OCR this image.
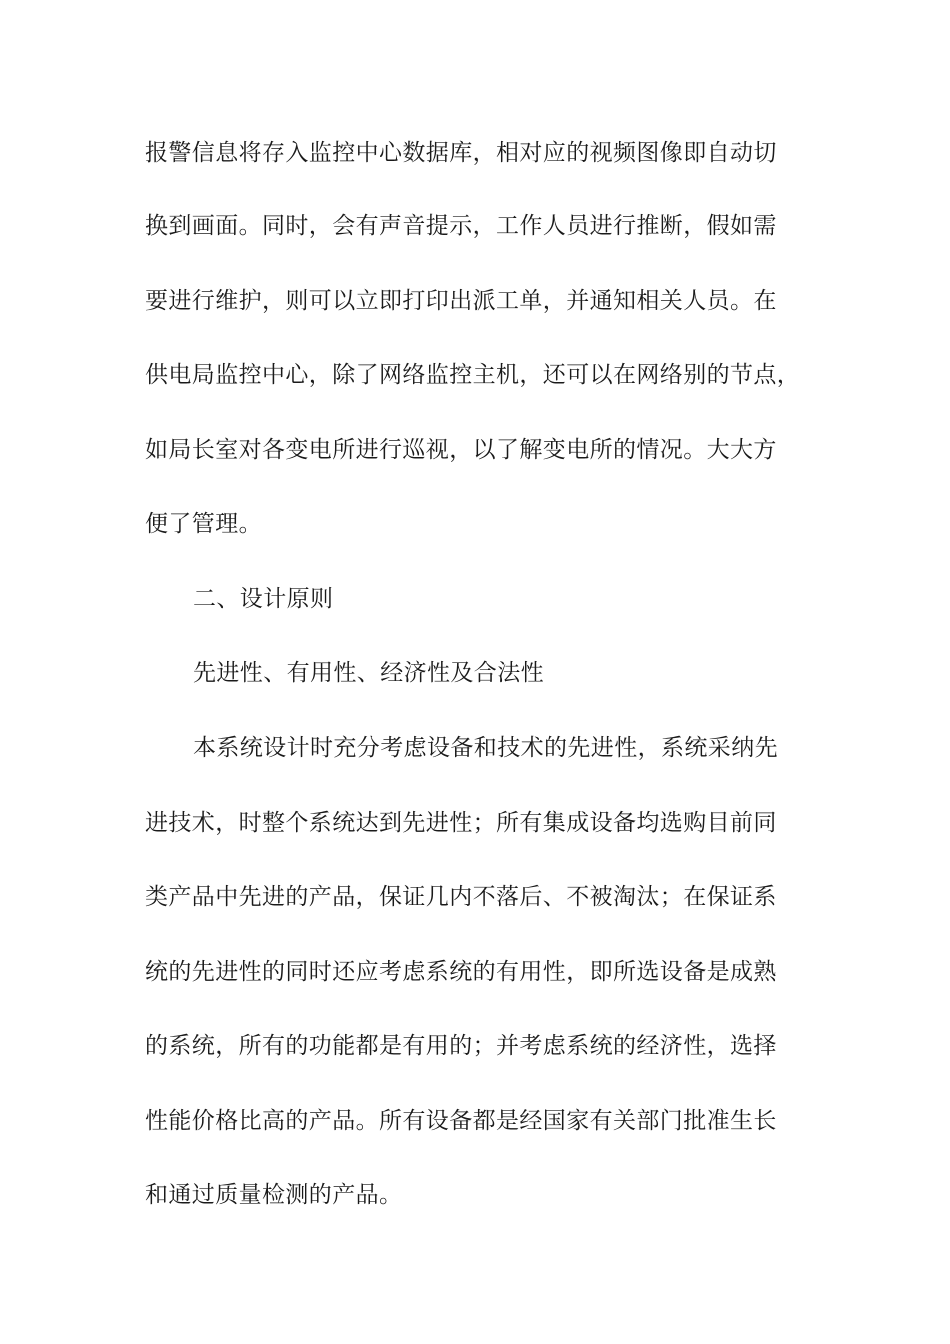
报警信息将存入监控中心数据库，相对应的视频图像即自动切
换到画面。同时，会有声音提示，工作人员进行推断，假如需
要进行维护，则可以立即打印出派工单，并通知相关人员。在
供电局监控中心，除了网络监控主机，还可以在网络别的节点，
如局长室对各变电所进行巡视，以了解变电所的情况。大大方
便了管理。
二、设计原则
先进性、有用性、经济性及合法性
本系统设计时充分考虑设备和技术的先进性，系统采纳先
进技术，时整个系统达到先进性；所有集成设备均选购目前同
类产品中先进的产品，保证几内不落后、不被淘汰；在保证系
统的先进性的同时还应考虑系统的有用性，即所选设备是成熟
的系统，所有的功能都是有用的；并考虑系统的经济性，选择
性能价格比高的产品。所有设备都是经国家有关部门批准生长
和通过质量检测的产品。
